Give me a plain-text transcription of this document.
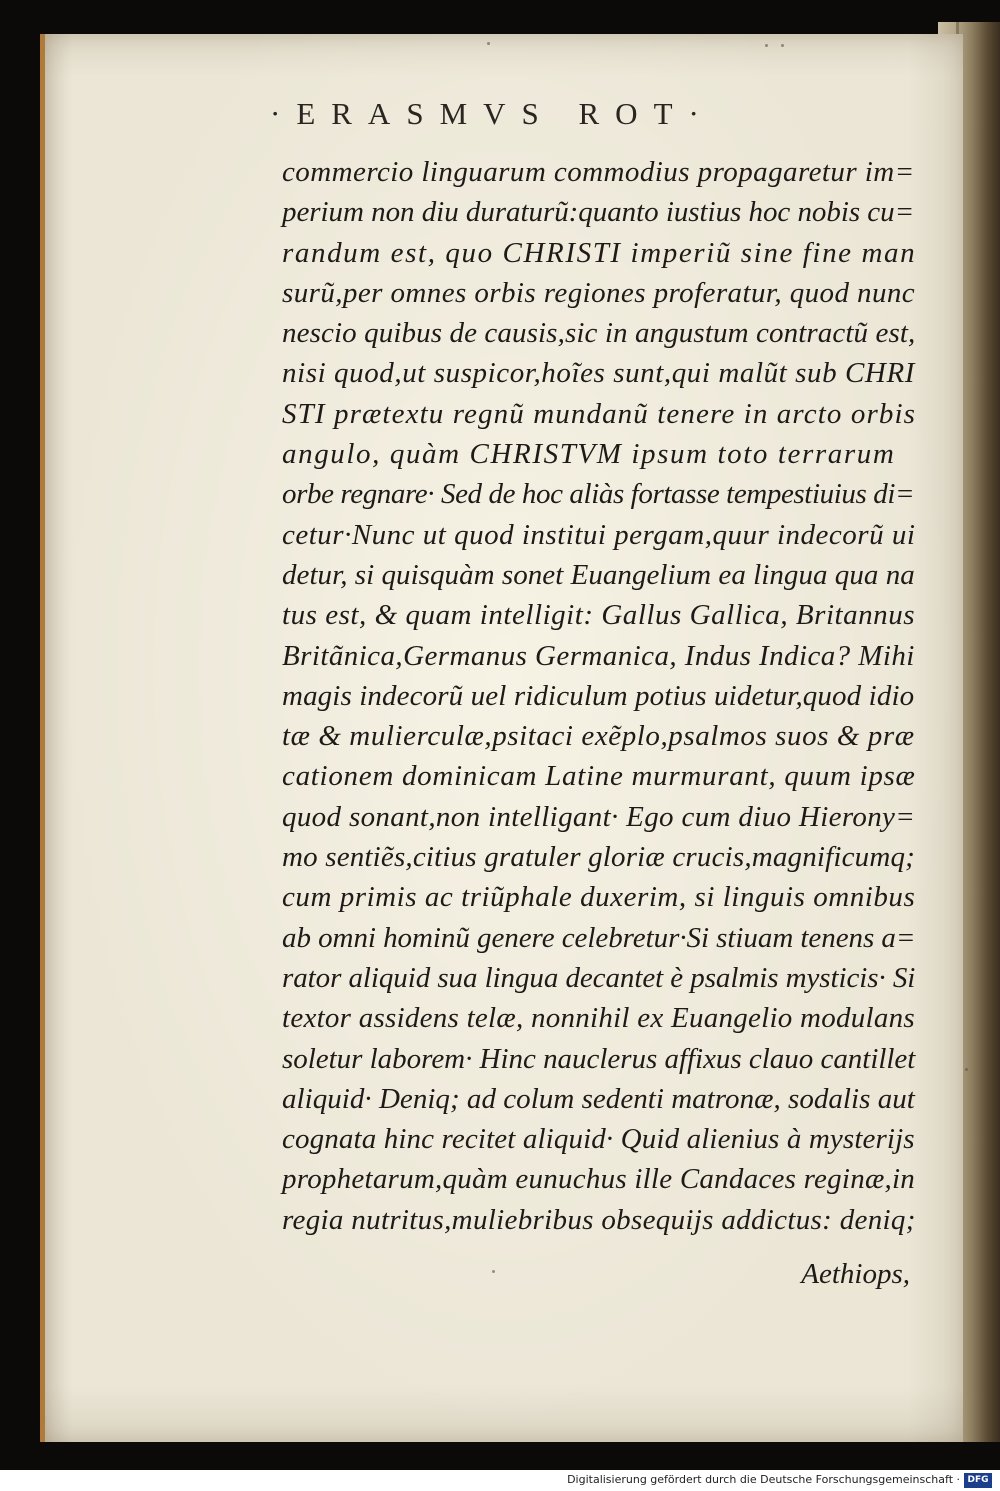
·ERASMVS ROT·
commercio linguarum commodius propagaretur im=
perium non diu duraturũ:quanto iustius hoc nobis cu=
randum est, quo CHRISTI imperiũ sine fine man
surũ,per omnes orbis regiones proferatur, quod nunc
nescio quibus de causis,sic in angustum contractũ est,
nisi quod,ut suspicor,hoĩes sunt,qui malũt sub CHRI
STI prætextu regnũ mundanũ tenere in arcto orbis
angulo, quàm CHRISTVM ipsum toto terrarum
orbe regnare· Sed de hoc aliàs fortasse tempestiuius di=
cetur·Nunc ut quod institui pergam,quur indecorũ ui
detur, si quisquàm sonet Euangelium ea lingua qua na
tus est, & quam intelligit: Gallus Gallica, Britannus
Britãnica,Germanus Germanica, Indus Indica? Mihi
magis indecorũ uel ridiculum potius uidetur,quod idio
tæ & mulierculæ,psitaci exẽplo,psalmos suos & præ
cationem dominicam Latine murmurant, quum ipsæ
quod sonant,non intelligant· Ego cum diuo Hierony=
mo sentiẽs,citius gratuler gloriæ crucis,magnificumq;
cum primis ac triũphale duxerim, si linguis omnibus
ab omni hominũ genere celebretur·Si stiuam tenens a=
rator aliquid sua lingua decantet è psalmis mysticis· Si
textor assidens telæ, nonnihil ex Euangelio modulans
soletur laborem· Hinc nauclerus affixus clauo cantillet
aliquid· Deniq; ad colum sedenti matronæ, sodalis aut
cognata hinc recitet aliquid· Quid alienius à mysterijs
prophetarum,quàm eunuchus ille Candaces reginæ,in
regia nutritus,muliebribus obsequijs addictus: deniq;
Aethiops,
Digitalisierung gefördert durch die Deutsche Forschungsgemeinschaft · DFG
